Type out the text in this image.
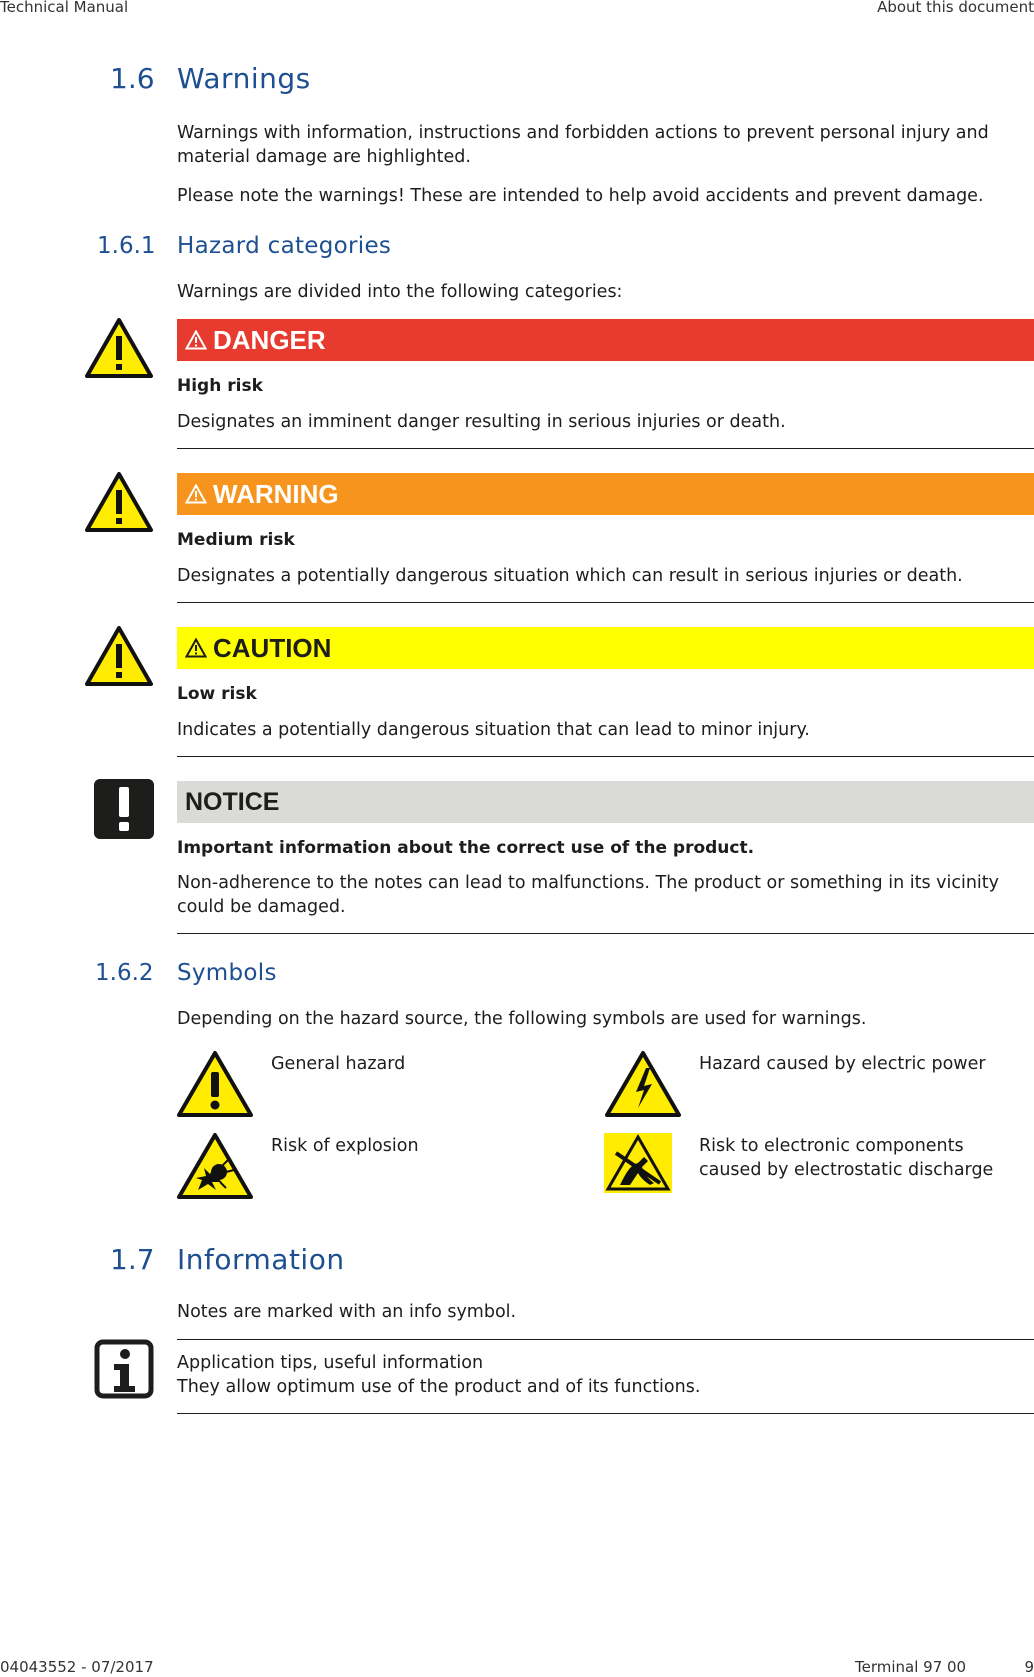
Technical Manual	About this document
1.6 Warnings
Warnings with information, instructions and forbidden actions to prevent personal injury and
material damage are highlighted.
Please note the warnings! These are intended to help avoid accidents and prevent damage.
1.6.1 Hazard categories
Warnings are divided into the following categories:
DANGER
High risk
Designates an imminent danger resulting in serious injuries or death.
WARNING
Medium risk
Designates a potentially dangerous situation which can result in serious injuries or death.
CAUTION
Low risk
Indicates a potentially dangerous situation that can lead to minor injury.
NOTICE
Important information about the correct use of the product.
Non-adherence to the notes can lead to malfunctions. The product or something in its vicinity
could be damaged.
1.6.2 Symbols
Depending on the hazard source, the following symbols are used for warnings.
General hazard	Hazard caused by electric power
Risk of explosion	Risk to electronic components
caused by electrostatic discharge
1.7 Information
Notes are marked with an info symbol.
Application tips, useful information
They allow optimum use of the product and of its functions.
04043552 - 07/2017	Terminal 97 00	9
